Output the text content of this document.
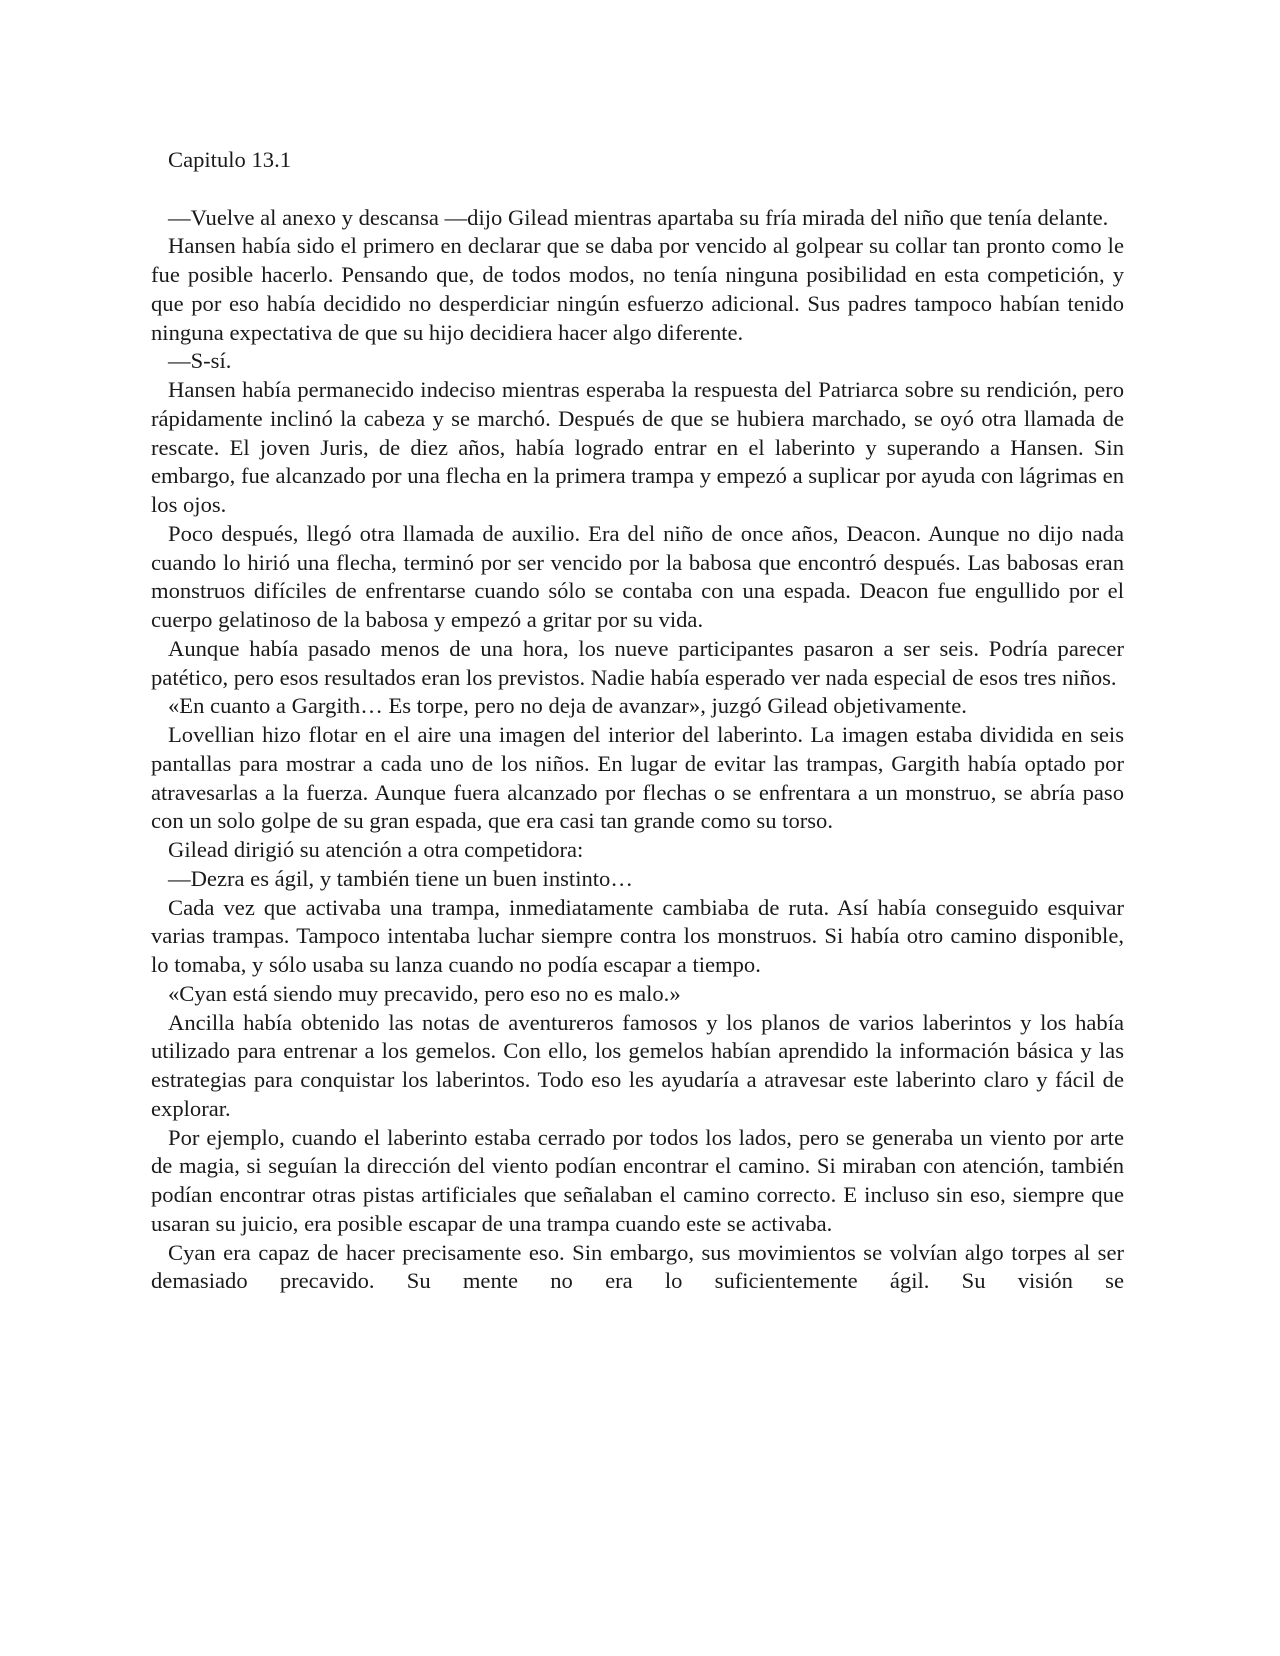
Capitulo 13.1

—Vuelve al anexo y descansa —dijo Gilead mientras apartaba su fría mirada del niño que tenía delante.

Hansen había sido el primero en declarar que se daba por vencido al golpear su collar tan pronto como le fue posible hacerlo. Pensando que, de todos modos, no tenía ninguna posibilidad en esta competición, y que por eso había decidido no desperdiciar ningún esfuerzo adicional. Sus padres tampoco habían tenido ninguna expectativa de que su hijo decidiera hacer algo diferente.

—S-sí.

Hansen había permanecido indeciso mientras esperaba la respuesta del Patriarca sobre su rendición, pero rápidamente inclinó la cabeza y se marchó. Después de que se hubiera marchado, se oyó otra llamada de rescate. El joven Juris, de diez años, había logrado entrar en el laberinto y superando a Hansen. Sin embargo, fue alcanzado por una flecha en la primera trampa y empezó a suplicar por ayuda con lágrimas en los ojos.

Poco después, llegó otra llamada de auxilio. Era del niño de once años, Deacon. Aunque no dijo nada cuando lo hirió una flecha, terminó por ser vencido por la babosa que encontró después. Las babosas eran monstruos difíciles de enfrentarse cuando sólo se contaba con una espada. Deacon fue engullido por el cuerpo gelatinoso de la babosa y empezó a gritar por su vida.

Aunque había pasado menos de una hora, los nueve participantes pasaron a ser seis. Podría parecer patético, pero esos resultados eran los previstos. Nadie había esperado ver nada especial de esos tres niños.

«En cuanto a Gargith… Es torpe, pero no deja de avanzar», juzgó Gilead objetivamente.

Lovellian hizo flotar en el aire una imagen del interior del laberinto. La imagen estaba dividida en seis pantallas para mostrar a cada uno de los niños. En lugar de evitar las trampas, Gargith había optado por atravesarlas a la fuerza. Aunque fuera alcanzado por flechas o se enfrentara a un monstruo, se abría paso con un solo golpe de su gran espada, que era casi tan grande como su torso.

Gilead dirigió su atención a otra competidora:

—Dezra es ágil, y también tiene un buen instinto…

Cada vez que activaba una trampa, inmediatamente cambiaba de ruta. Así había conseguido esquivar varias trampas. Tampoco intentaba luchar siempre contra los monstruos. Si había otro camino disponible, lo tomaba, y sólo usaba su lanza cuando no podía escapar a tiempo.

«Cyan está siendo muy precavido, pero eso no es malo.»

Ancilla había obtenido las notas de aventureros famosos y los planos de varios laberintos y los había utilizado para entrenar a los gemelos. Con ello, los gemelos habían aprendido la información básica y las estrategias para conquistar los laberintos. Todo eso les ayudaría a atravesar este laberinto claro y fácil de explorar.

Por ejemplo, cuando el laberinto estaba cerrado por todos los lados, pero se generaba un viento por arte de magia, si seguían la dirección del viento podían encontrar el camino. Si miraban con atención, también podían encontrar otras pistas artificiales que señalaban el camino correcto. E incluso sin eso, siempre que usaran su juicio, era posible escapar de una trampa cuando este se activaba.

Cyan era capaz de hacer precisamente eso. Sin embargo, sus movimientos se volvían algo torpes al ser demasiado precavido. Su mente no era lo suficientemente ágil. Su visión se
